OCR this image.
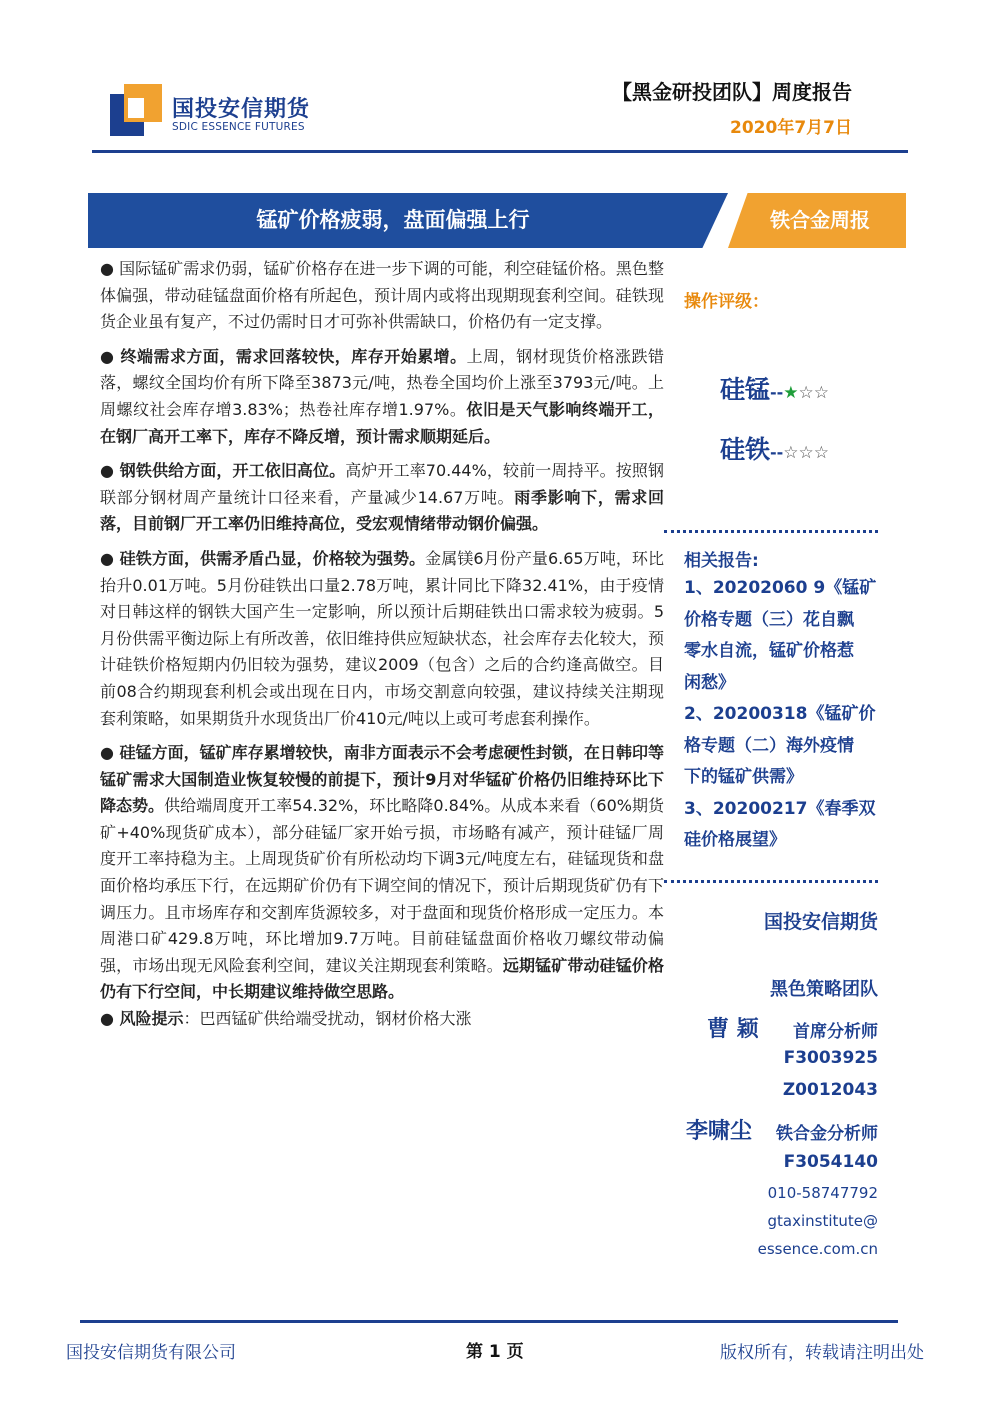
国投安信期货
SDIC ESSENCE FUTURES
【黑金研投团队】周度报告
2020年7月7日
锰矿价格疲弱，盘面偏强上行	铁合金周报

● 国际锰矿需求仍弱，锰矿价格存在进一步下调的可能，利空硅锰价格。黑色整体偏强，带动硅锰盘面价格有所起色，预计周内或将出现期现套利空间。硅铁现货企业虽有复产，不过仍需时日才可弥补供需缺口，价格仍有一定支撑。

● 终端需求方面，需求回落较快，库存开始累增。上周，钢材现货价格涨跌错落，螺纹全国均价有所下降至3873元/吨，热卷全国均价上涨至3793元/吨。上周螺纹社会库存增3.83%；热卷社库存增1.97%。依旧是天气影响终端开工，在钢厂高开工率下，库存不降反增，预计需求顺期延后。

● 钢铁供给方面，开工依旧高位。高炉开工率70.44%，较前一周持平。按照钢联部分钢材周产量统计口径来看，产量减少14.67万吨。雨季影响下，需求回落，目前钢厂开工率仍旧维持高位，受宏观情绪带动钢价偏强。

● 硅铁方面，供需矛盾凸显，价格较为强势。金属镁6月份产量6.65万吨，环比抬升0.01万吨。5月份硅铁出口量2.78万吨，累计同比下降32.41%，由于疫情对日韩这样的钢铁大国产生一定影响，所以预计后期硅铁出口需求较为疲弱。5月份供需平衡边际上有所改善，依旧维持供应短缺状态，社会库存去化较大，预计硅铁价格短期内仍旧较为强势，建议2009（包含）之后的合约逢高做空。目前08合约期现套利机会或出现在日内，市场交割意向较强，建议持续关注期现套利策略，如果期货升水现货出厂价410元/吨以上或可考虑套利操作。

● 硅锰方面，锰矿库存累增较快，南非方面表示不会考虑硬性封锁，在日韩印等锰矿需求大国制造业恢复较慢的前提下，预计9月对华锰矿价格仍旧维持环比下降态势。供给端周度开工率54.32%，环比略降0.84%。从成本来看（60%期货矿+40%现货矿成本），部分硅锰厂家开始亏损，市场略有减产，预计硅锰厂周度开工率持稳为主。上周现货矿价有所松动均下调3元/吨度左右，硅锰现货和盘面价格均承压下行，在远期矿价仍有下调空间的情况下，预计后期现货矿仍有下调压力。且市场库存和交割库货源较多，对于盘面和现货价格形成一定压力。本周港口矿429.8万吨，环比增加9.7万吨。目前硅锰盘面价格收刀螺纹带动偏强，市场出现无风险套利空间，建议关注期现套利策略。远期锰矿带动硅锰价格仍有下行空间，中长期建议维持做空思路。

● 风险提示：巴西锰矿供给端受扰动，钢材价格大涨

操作评级：
硅锰--★☆☆
硅铁--☆☆☆
相关报告:
1、20202060 9《锰矿
价格专题（三）花自飘
零水自流，锰矿价格惹
闲愁》
2、20200318《锰矿价
格专题（二）海外疫情
下的锰矿供需》
3、20200217《春季双
硅价格展望》
国投安信期货
黑色策略团队
曹 颖 首席分析师
F3003925
Z0012043
李啸尘 铁合金分析师
F3054140
010-58747792
gtaxinstitute@
essence.com.cn
国投安信期货有限公司	第 1 页	版权所有，转载请注明出处
